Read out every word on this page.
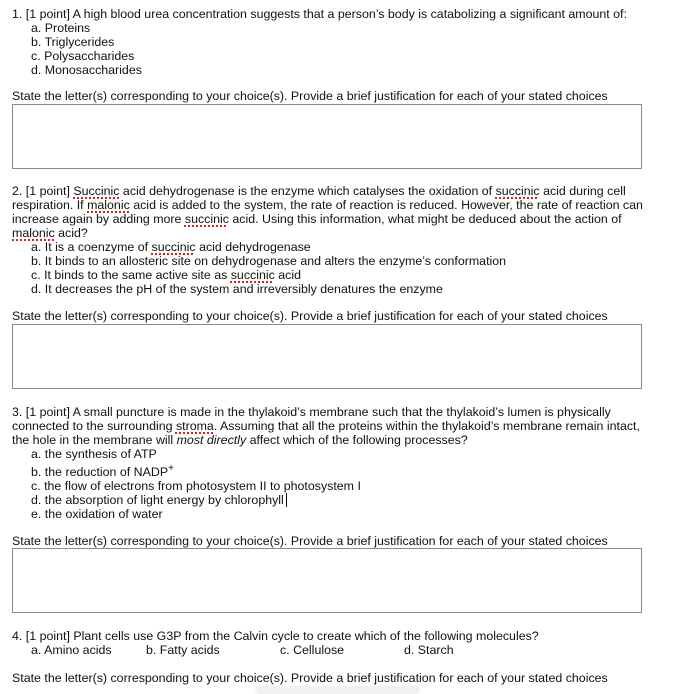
1. [1 point] A high blood urea concentration suggests that a person’s body is catabolizing a significant amount of:

a. Proteins

b. Triglycerides

c. Polysaccharides

d. Monosaccharides

State the letter(s) corresponding to your choice(s). Provide a brief justification for each of your stated choices

2. [1 point] Succinic acid dehydrogenase is the enzyme which catalyses the oxidation of succinic acid during cell respiration. If malonic acid is added to the system, the rate of reaction is reduced. However, the rate of reaction can increase again by adding more succinic acid. Using this information, what might be deduced about the action of malonic acid?

a. It is a coenzyme of succinic acid dehydrogenase

b. It binds to an allosteric site on dehydrogenase and alters the enzyme’s conformation

c. It binds to the same active site as succinic acid

d. It decreases the pH of the system and irreversibly denatures the enzyme

State the letter(s) corresponding to your choice(s). Provide a brief justification for each of your stated choices

3. [1 point] A small puncture is made in the thylakoid’s membrane such that the thylakoid’s lumen is physically connected to the surrounding stroma. Assuming that all the proteins within the thylakoid’s membrane remain intact, the hole in the membrane will most directly affect which of the following processes?

a. the synthesis of ATP

b. the reduction of NADP+

c. the flow of electrons from photosystem II to photosystem I

d. the absorption of light energy by chlorophyll

e. the oxidation of water

State the letter(s) corresponding to your choice(s). Provide a brief justification for each of your stated choices

4. [1 point] Plant cells use G3P from the Calvin cycle to create which of the following molecules?

a. Amino acids	b. Fatty acids	c. Cellulose	d. Starch
State the letter(s) corresponding to your choice(s). Provide a brief justification for each of your stated choices
